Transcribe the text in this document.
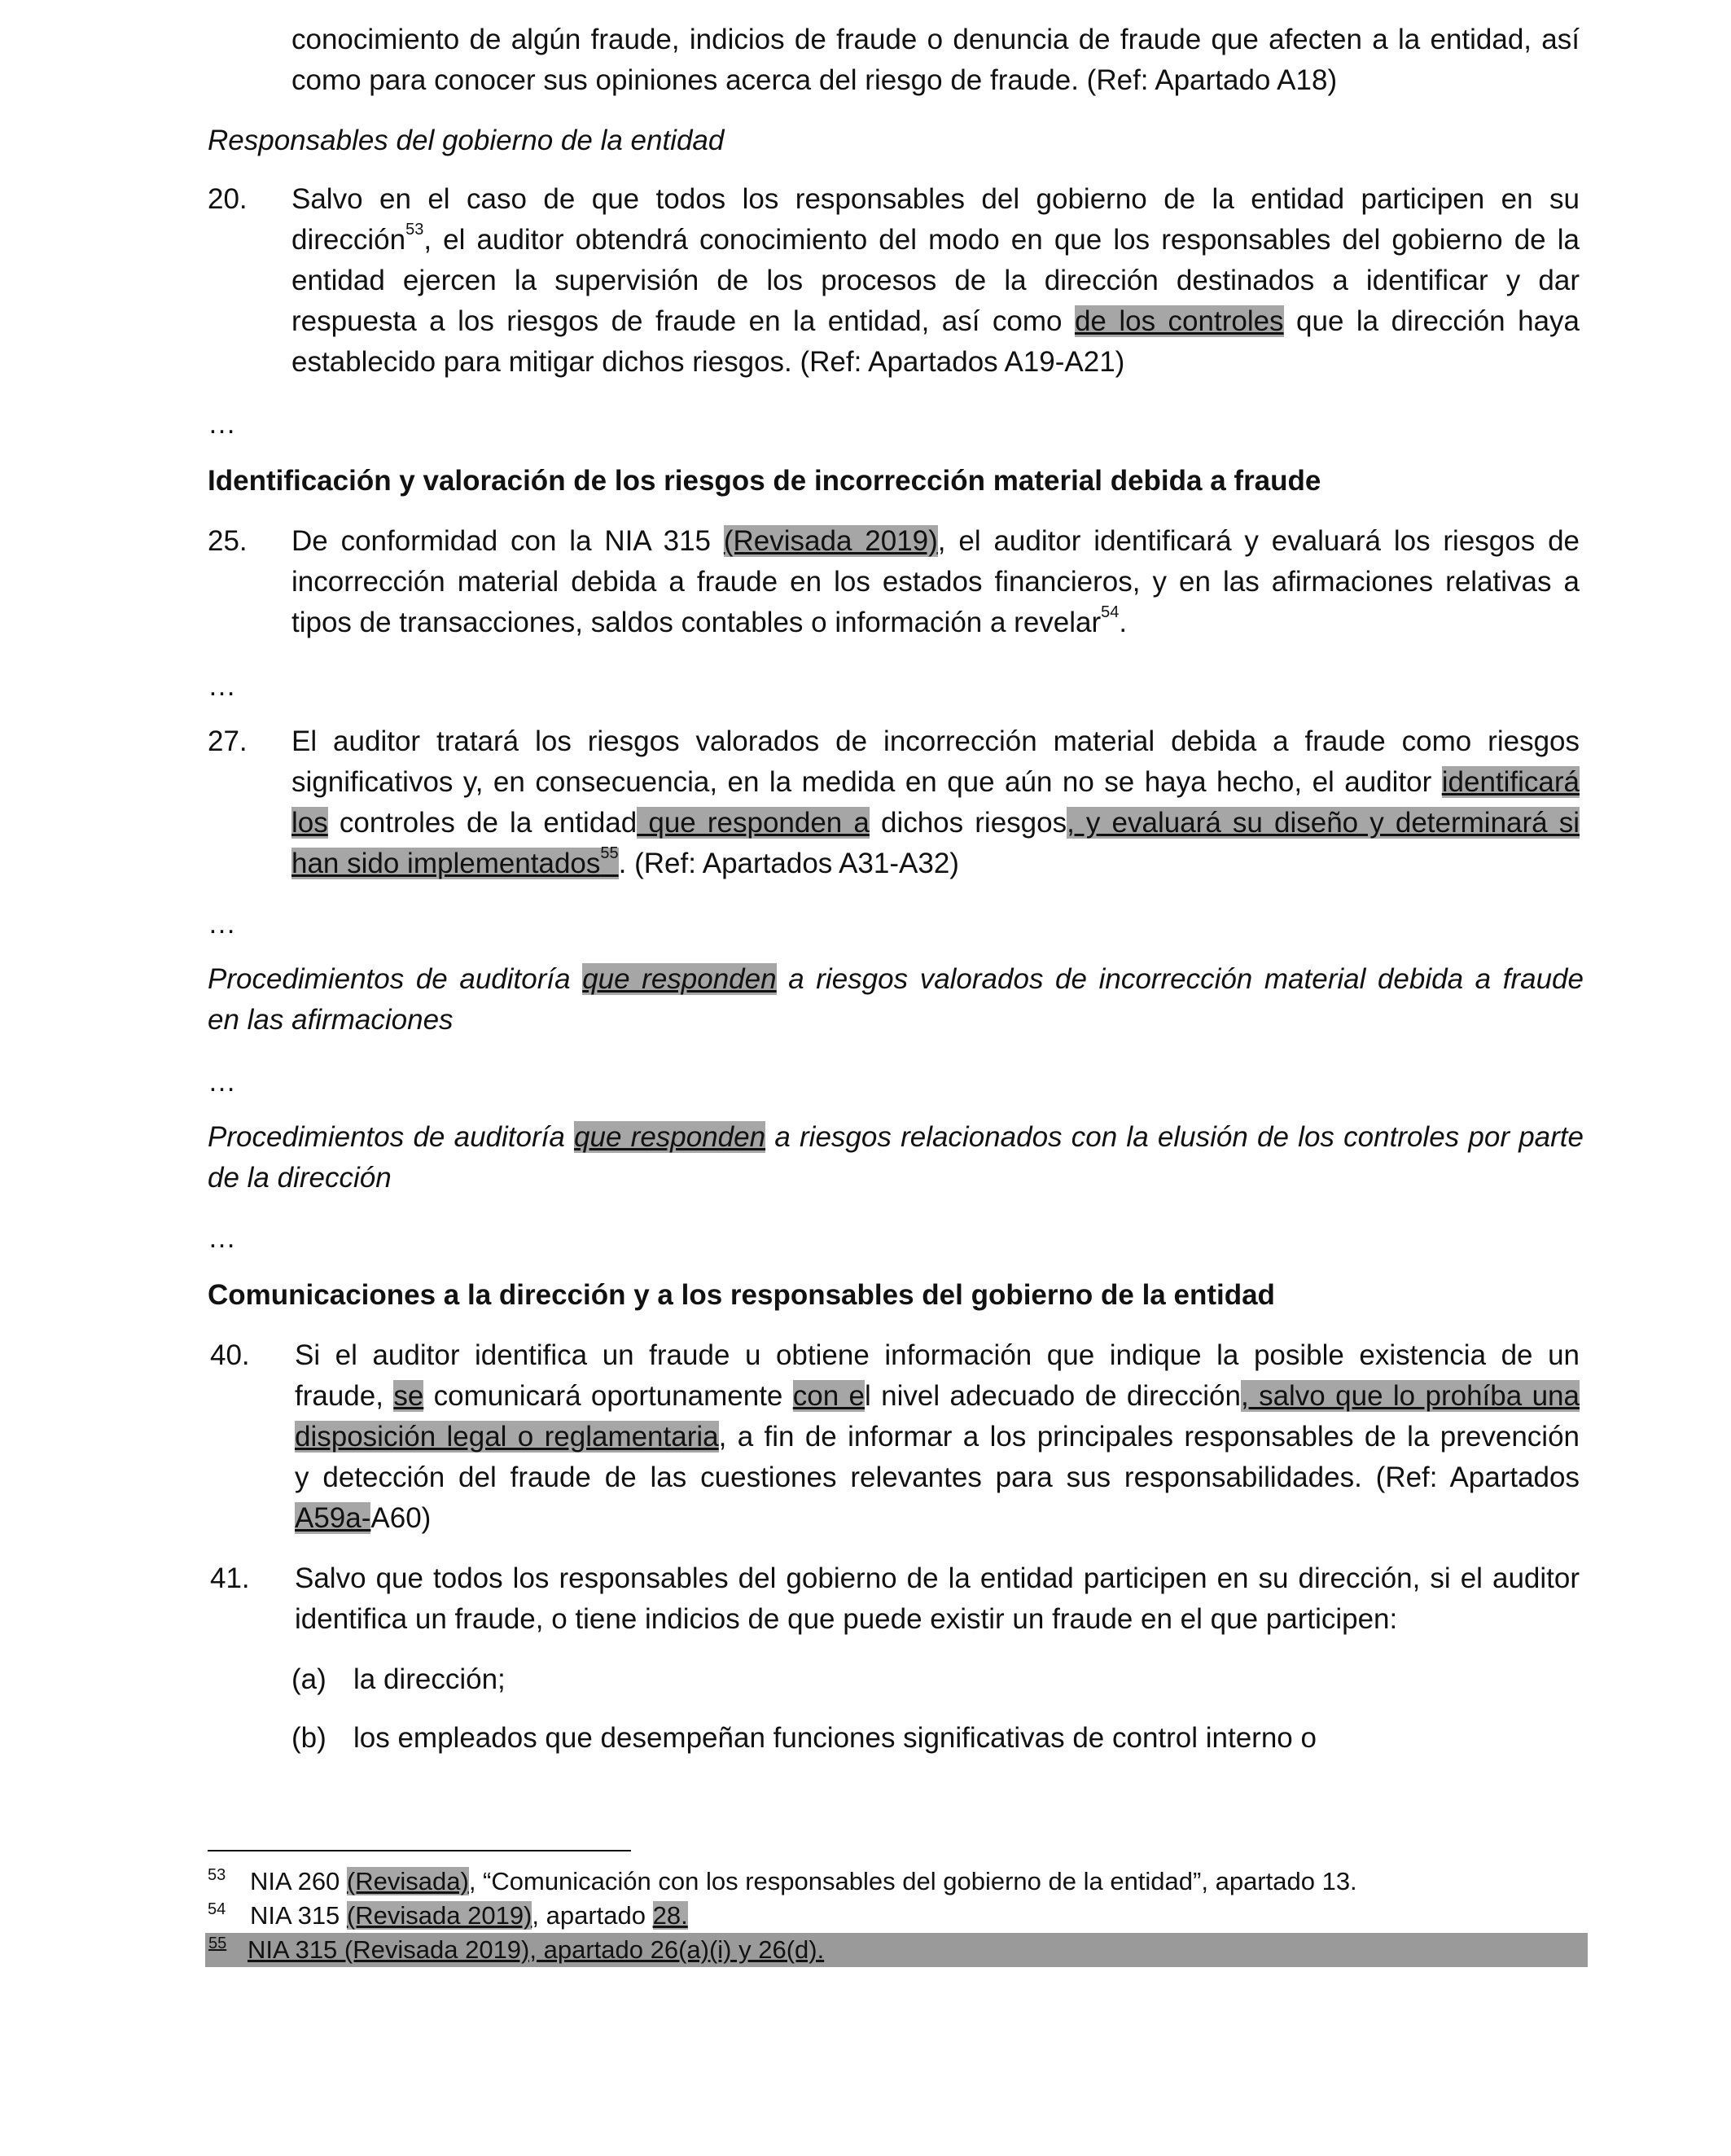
conocimiento de algún fraude, indicios de fraude o denuncia de fraude que afecten a la entidad, así
como para conocer sus opiniones acerca del riesgo de fraude. (Ref: Apartado A18)
Responsables del gobierno de la entidad
20. Salvo en el caso de que todos los responsables del gobierno de la entidad participen en su
dirección$^{53}$, el auditor obtendrá conocimiento del modo en que los responsables del gobierno de la
entidad ejercen la supervisión de los procesos de la dirección destinados a identificar y dar
respuesta a los riesgos de fraude en la entidad, así como de los controles que la dirección haya
establecido para mitigar dichos riesgos. (Ref: Apartados A19-A21)
…
Identificación y valoración de los riesgos de incorrección material debida a fraude
25. De conformidad con la NIA 315 (Revisada 2019), el auditor identificará y evaluará los riesgos de
incorrección material debida a fraude en los estados financieros, y en las afirmaciones relativas a
tipos de transacciones, saldos contables o información a revelar$^{54}$.
…
27. El auditor tratará los riesgos valorados de incorrección material debida a fraude como riesgos
significativos y, en consecuencia, en la medida en que aún no se haya hecho, el auditor identificará
los controles de la entidad que responden a dichos riesgos, y evaluará su diseño y determinará si
han sido implementados$^{55}$. (Ref: Apartados A31-A32)
…
Procedimientos de auditoría que responden a riesgos valorados de incorrección material debida a fraude
en las afirmaciones
…
Procedimientos de auditoría que responden a riesgos relacionados con la elusión de los controles por parte
de la dirección
…
Comunicaciones a la dirección y a los responsables del gobierno de la entidad
40. Si el auditor identifica un fraude u obtiene información que indique la posible existencia de un
fraude, se comunicará oportunamente con el nivel adecuado de dirección, salvo que lo prohíba una
disposición legal o reglamentaria, a fin de informar a los principales responsables de la prevención
y detección del fraude de las cuestiones relevantes para sus responsabilidades. (Ref: Apartados
A59a-A60)
41. Salvo que todos los responsables del gobierno de la entidad participen en su dirección, si el auditor
identifica un fraude, o tiene indicios de que puede existir un fraude en el que participen:
(a) la dirección;
(b) los empleados que desempeñan funciones significativas de control interno o
53 NIA 260 (Revisada), “Comunicación con los responsables del gobierno de la entidad”, apartado 13.
54 NIA 315 (Revisada 2019), apartado 28.
55 NIA 315 (Revisada 2019), apartado 26(a)(i) y 26(d).
